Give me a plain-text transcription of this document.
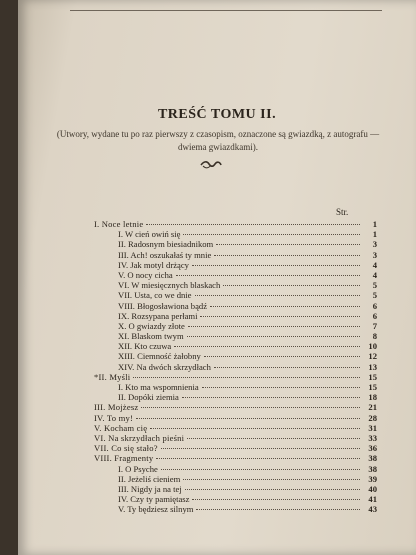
TREŚĆ TOMU II.
(Utwory, wydane tu po raz pierwszy z czasopism, oznaczone są gwiazdką, z autografu — dwiema gwiazdkami).
Str.
I. Noce letnie	1
I. W cień owiń się	1
II. Radosnym biesiadnikom	3
III. Ach! oszukałaś ty mnie	3
IV. Jak motyl drżący	4
V. O nocy cicha	4
VI. W miesięcznych blaskach	5
VII. Usta, co we dnie	5
VIII. Błogosławiona bądź	6
IX. Rozsypana perłami	6
X. O gwiazdy złote	7
XI. Blaskom twym	8
XII. Kto czuwa	10
XIII. Ciemność żałobny	12
XIV. Na dwóch skrzydłach	13
*II. Myśli	15
I. Kto ma wspomnienia	15
II. Dopóki ziemia	18
III. Mojżesz	21
IV. To my!	28
V. Kocham cię	31
VI. Na skrzydłach pieśni	33
VII. Co się stało?	36
VIII. Fragmenty	38
I. O Psyche	38
II. Jeżeliś cieniem	39
III. Nigdy ja na tej	40
IV. Czy ty pamiętasz	41
V. Ty będziesz silnym	43
